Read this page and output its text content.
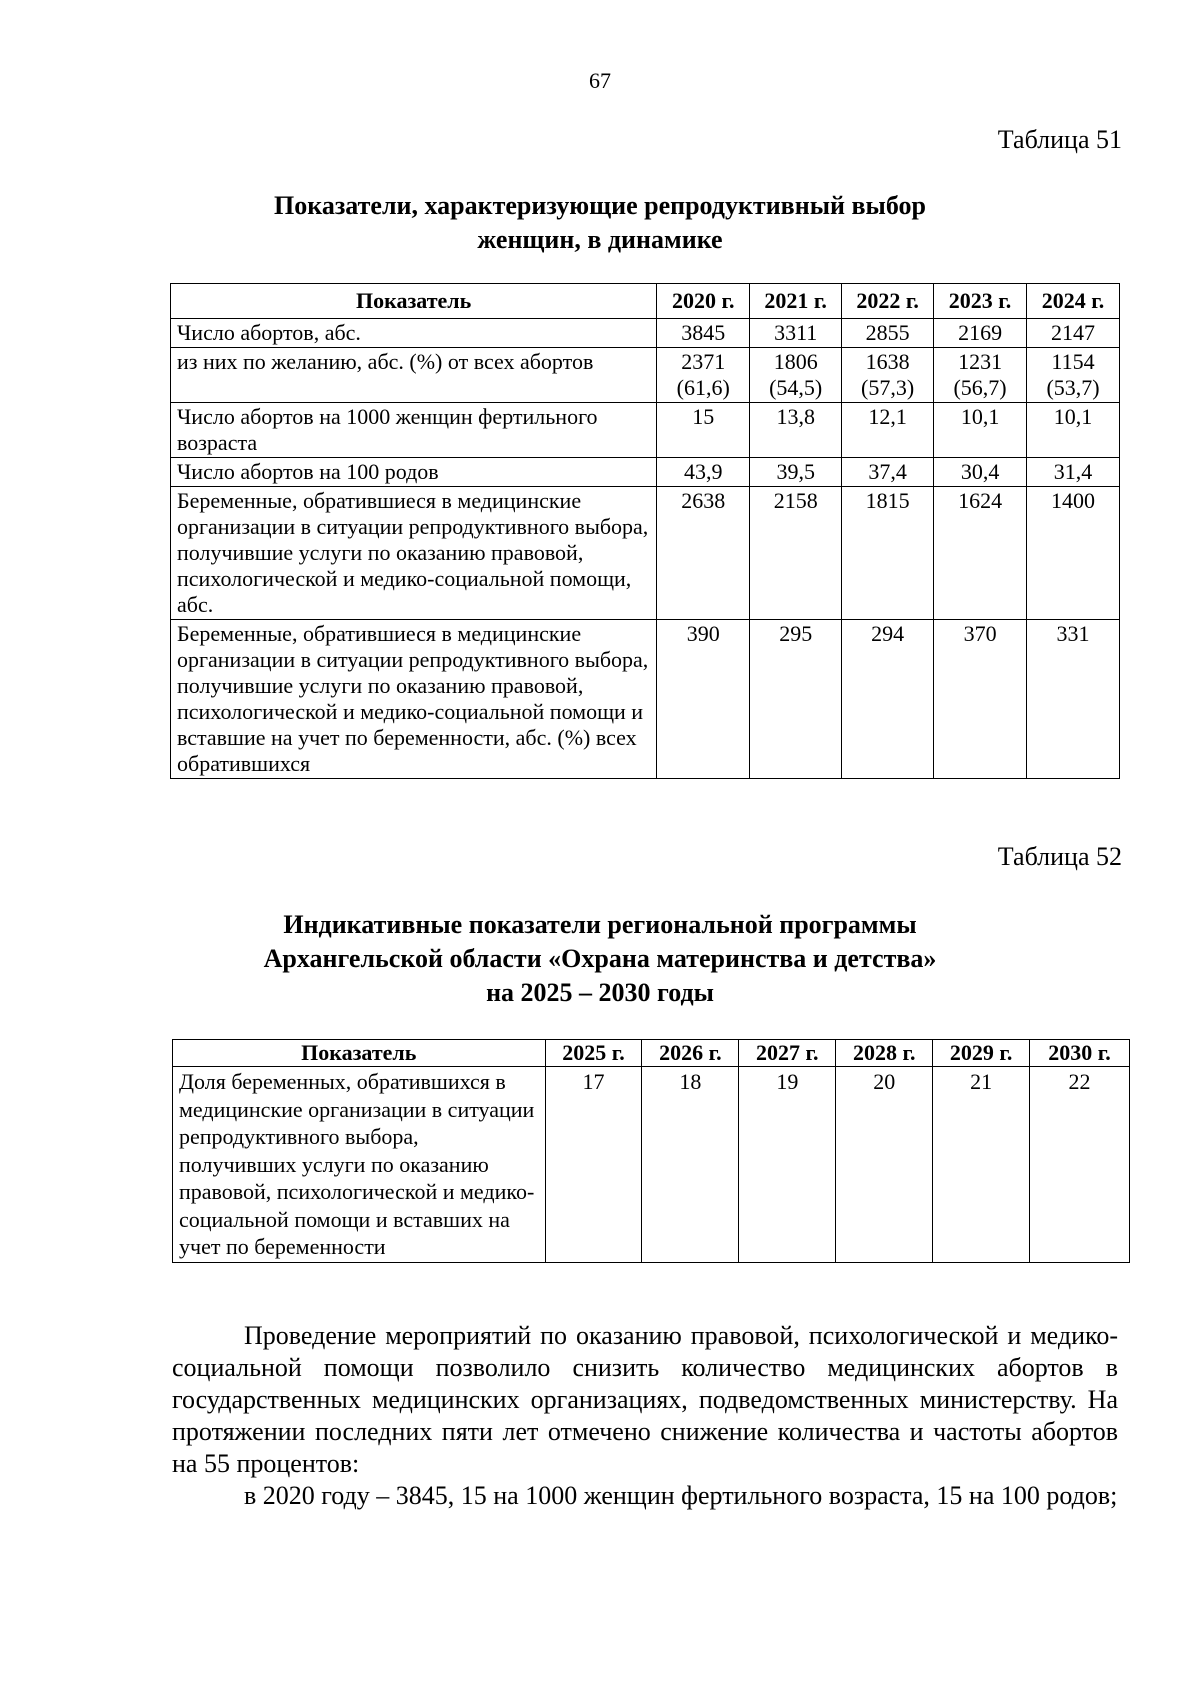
67
Таблица 51
Показатели, характеризующие репродуктивный выбор
женщин, в динамике
Показатель	2020 г.	2021 г.	2022 г.	2023 г.	2024 г.
Число абортов, абс.	3845	3311	2855	2169	2147
из них по желанию, абс. (%) от всех абортов	2371 (61,6)	1806 (54,5)	1638 (57,3)	1231 (56,7)	1154 (53,7)
Число абортов на 1000 женщин фертильного возраста	15	13,8	12,1	10,1	10,1
Число абортов на 100 родов	43,9	39,5	37,4	30,4	31,4
Беременные, обратившиеся в медицинские организации в ситуации репродуктивного выбора, получившие услуги по оказанию правовой, психологической и медико-социальной помощи, абс.	2638	2158	1815	1624	1400
Беременные, обратившиеся в медицинские организации в ситуации репродуктивного выбора, получившие услуги по оказанию правовой, психологической и медико-социальной помощи и вставшие на учет по беременности, абс. (%) всех обратившихся	390	295	294	370	331
Таблица 52
Индикативные показатели региональной программы
Архангельской области «Охрана материнства и детства»
на 2025 – 2030 годы
Показатель	2025 г.	2026 г.	2027 г.	2028 г.	2029 г.	2030 г.
Доля беременных, обратившихся в медицинские организации в ситуации репродуктивного выбора, получивших услуги по оказанию правовой, психологической и медико-социальной помощи и вставших на учет по беременности	17	18	19	20	21	22

Проведение мероприятий по оказанию правовой, психологической и медико-социальной помощи позволило снизить количество медицинских абортов в государственных медицинских организациях, подведомственных министерству. На протяжении последних пяти лет отмечено снижение количества и частоты абортов на 55 процентов:

в 2020 году – 3845, 15 на 1000 женщин фертильного возраста, 15 на 100 родов;
